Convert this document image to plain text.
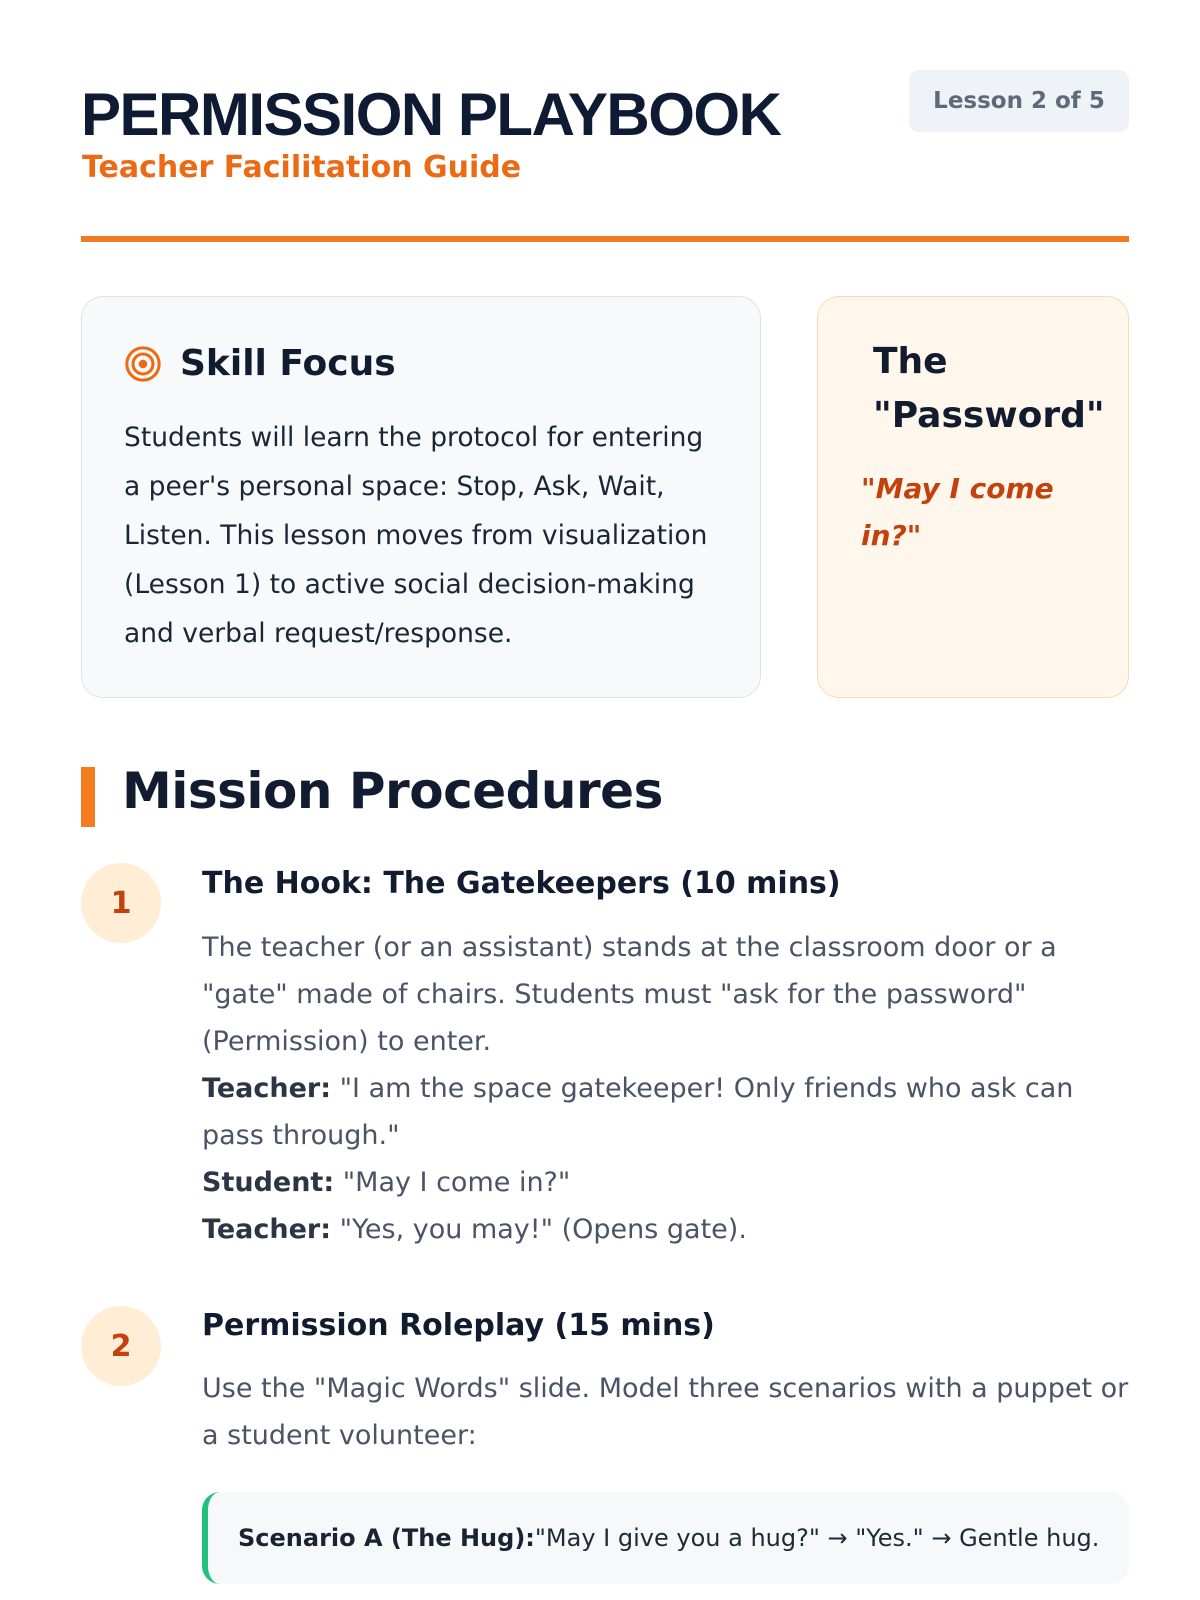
PERMISSION PLAYBOOK
Teacher Facilitation Guide
Lesson 2 of 5
Skill Focus
Students will learn the protocol for entering a peer's personal space: Stop, Ask, Wait, Listen. This lesson moves from visualization (Lesson 1) to active social decision-making and verbal request/response.
The "Password"
"May I come in?"
Mission Procedures
1
The Hook: The Gatekeepers (10 mins)
The teacher (or an assistant) stands at the classroom door or a "gate" made of chairs. Students must "ask for the password" (Permission) to enter.
Teacher: "I am the space gatekeeper! Only friends who ask can pass through."
Student: "May I come in?"
Teacher: "Yes, you may!" (Opens gate).
2
Permission Roleplay (15 mins)
Use the "Magic Words" slide. Model three scenarios with a puppet or a student volunteer:
Scenario A (The Hug): "May I give you a hug?" → "Yes." → Gentle hug.
